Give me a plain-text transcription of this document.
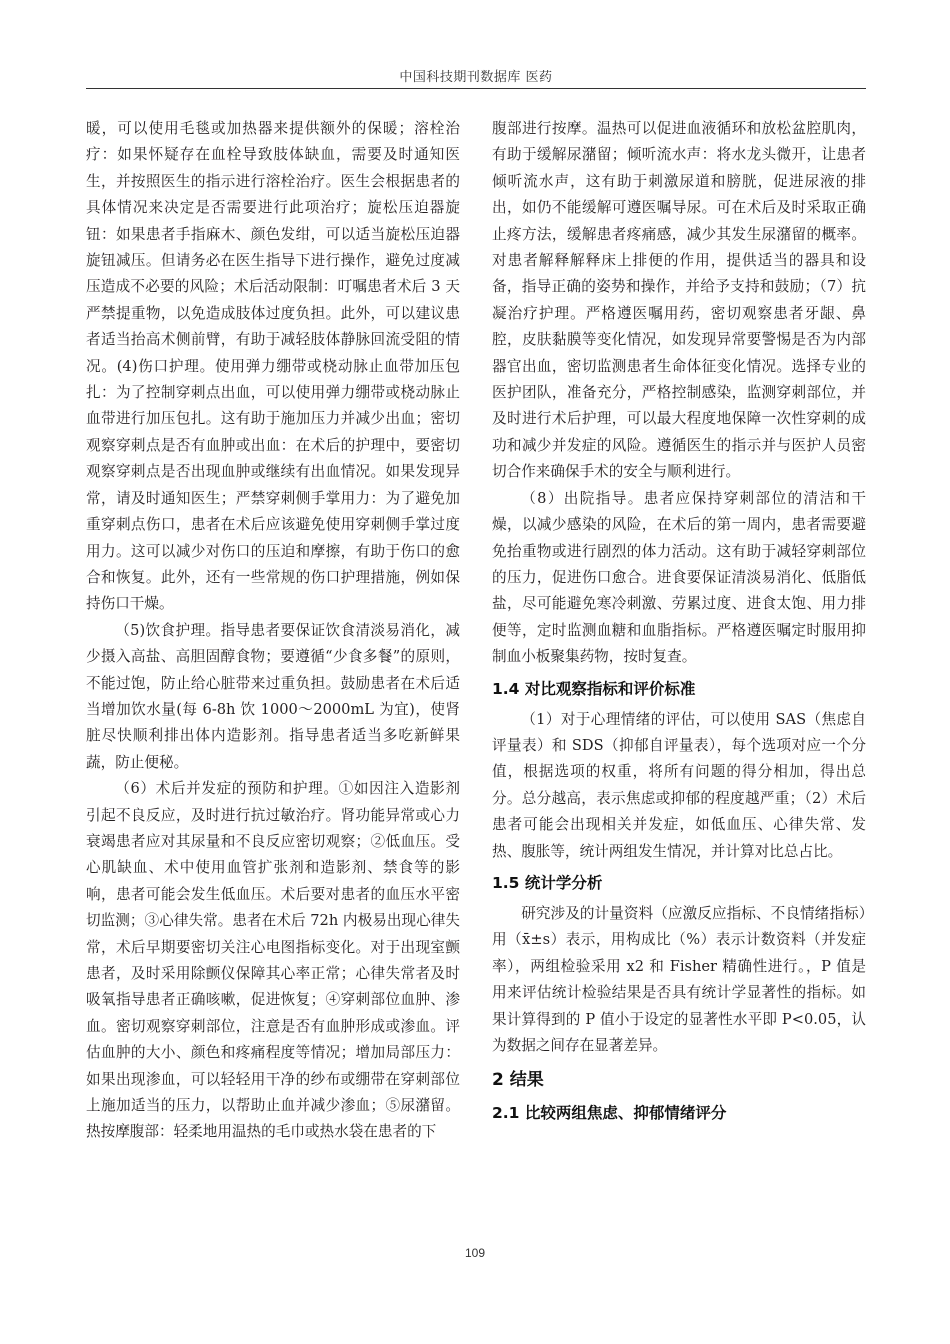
中国科技期刊数据库 医药

暖，可以使用毛毯或加热器来提供额外的保暖；溶栓治疗：如果怀疑存在血栓导致肢体缺血，需要及时通知医生，并按照医生的指示进行溶栓治疗。医生会根据患者的具体情况来决定是否需要进行此项治疗；旋松压迫器旋钮：如果患者手指麻木、颜色发绀，可以适当旋松压迫器旋钮减压。但请务必在医生指导下进行操作，避免过度减压造成不必要的风险；术后活动限制：叮嘱患者术后 3 天严禁提重物，以免造成肢体过度负担。此外，可以建议患者适当抬高术侧前臂，有助于减轻肢体静脉回流受阻的情况。(4)伤口护理。使用弹力绷带或桡动脉止血带加压包扎：为了控制穿刺点出血，可以使用弹力绷带或桡动脉止血带进行加压包扎。这有助于施加压力并减少出血；密切观察穿刺点是否有血肿或出血：在术后的护理中，要密切观察穿刺点是否出现血肿或继续有出血情况。如果发现异常，请及时通知医生；严禁穿刺侧手掌用力：为了避免加重穿刺点伤口，患者在术后应该避免使用穿刺侧手掌过度用力。这可以减少对伤口的压迫和摩擦，有助于伤口的愈合和恢复。此外，还有一些常规的伤口护理措施，例如保持伤口干燥。

（5)饮食护理。指导患者要保证饮食清淡易消化，减少摄入高盐、高胆固醇食物；要遵循“少食多餐”的原则，不能过饱，防止给心脏带来过重负担。鼓励患者在术后适当增加饮水量(每 6-8h 饮 1000～2000mL 为宜)，使肾脏尽快顺利排出体内造影剂。指导患者适当多吃新鲜果蔬，防止便秘。

（6）术后并发症的预防和护理。①如因注入造影剂引起不良反应，及时进行抗过敏治疗。肾功能异常或心力衰竭患者应对其尿量和不良反应密切观察；②低血压。受心肌缺血、术中使用血管扩张剂和造影剂、禁食等的影响，患者可能会发生低血压。术后要对患者的血压水平密切监测；③心律失常。患者在术后 72h 内极易出现心律失常，术后早期要密切关注心电图指标变化。对于出现室颤患者，及时采用除颤仪保障其心率正常；心律失常者及时吸氧指导患者正确咳嗽，促进恢复；④穿刺部位血肿、渗血。密切观察穿刺部位，注意是否有血肿形成或渗血。评估血肿的大小、颜色和疼痛程度等情况；增加局部压力：如果出现渗血，可以轻轻用干净的纱布或绷带在穿刺部位上施加适当的压力，以帮助止血并减少渗血；⑤尿潴留。热按摩腹部：轻柔地用温热的毛巾或热水袋在患者的下

腹部进行按摩。温热可以促进血液循环和放松盆腔肌肉，有助于缓解尿潴留；倾听流水声：将水龙头微开，让患者倾听流水声，这有助于刺激尿道和膀胱，促进尿液的排出，如仍不能缓解可遵医嘱导尿。可在术后及时采取正确止疼方法，缓解患者疼痛感，减少其发生尿潴留的概率。对患者解释解释床上排便的作用，提供适当的器具和设备，指导正确的姿势和操作，并给予支持和鼓励；（7）抗凝治疗护理。严格遵医嘱用药，密切观察患者牙龈、鼻腔，皮肤黏膜等变化情况，如发现异常要警惕是否为内部器官出血，密切监测患者生命体征变化情况。选择专业的医护团队，准备充分，严格控制感染，监测穿刺部位，并及时进行术后护理，可以最大程度地保障一次性穿刺的成功和减少并发症的风险。遵循医生的指示并与医护人员密切合作来确保手术的安全与顺利进行。

（8）出院指导。患者应保持穿刺部位的清洁和干燥，以减少感染的风险，在术后的第一周内，患者需要避免抬重物或进行剧烈的体力活动。这有助于减轻穿刺部位的压力，促进伤口愈合。进食要保证清淡易消化、低脂低盐，尽可能避免寒冷刺激、劳累过度、进食太饱、用力排便等，定时监测血糖和血脂指标。严格遵医嘱定时服用抑制血小板聚集药物，按时复查。

1.4 对比观察指标和评价标准

（1）对于心理情绪的评估，可以使用 SAS（焦虑自评量表）和 SDS（抑郁自评量表），每个选项对应一个分值，根据选项的权重，将所有问题的得分相加，得出总分。总分越高，表示焦虑或抑郁的程度越严重；（2）术后患者可能会出现相关并发症，如低血压、心律失常、发热、腹胀等，统计两组发生情况，并计算对比总占比。

1.5 统计学分析

研究涉及的计量资料（应激反应指标、不良情绪指标）用（x̄±s）表示，用构成比（%）表示计数资料（并发症率），两组检验采用 x2 和 Fisher 精确性进行。，P 值是用来评估统计检验结果是否具有统计学显著性的指标。如果计算得到的 P 值小于设定的显著性水平即 P<0.05，认为数据之间存在显著差异。

2 结果
2.1 比较两组焦虑、抑郁情绪评分
109
